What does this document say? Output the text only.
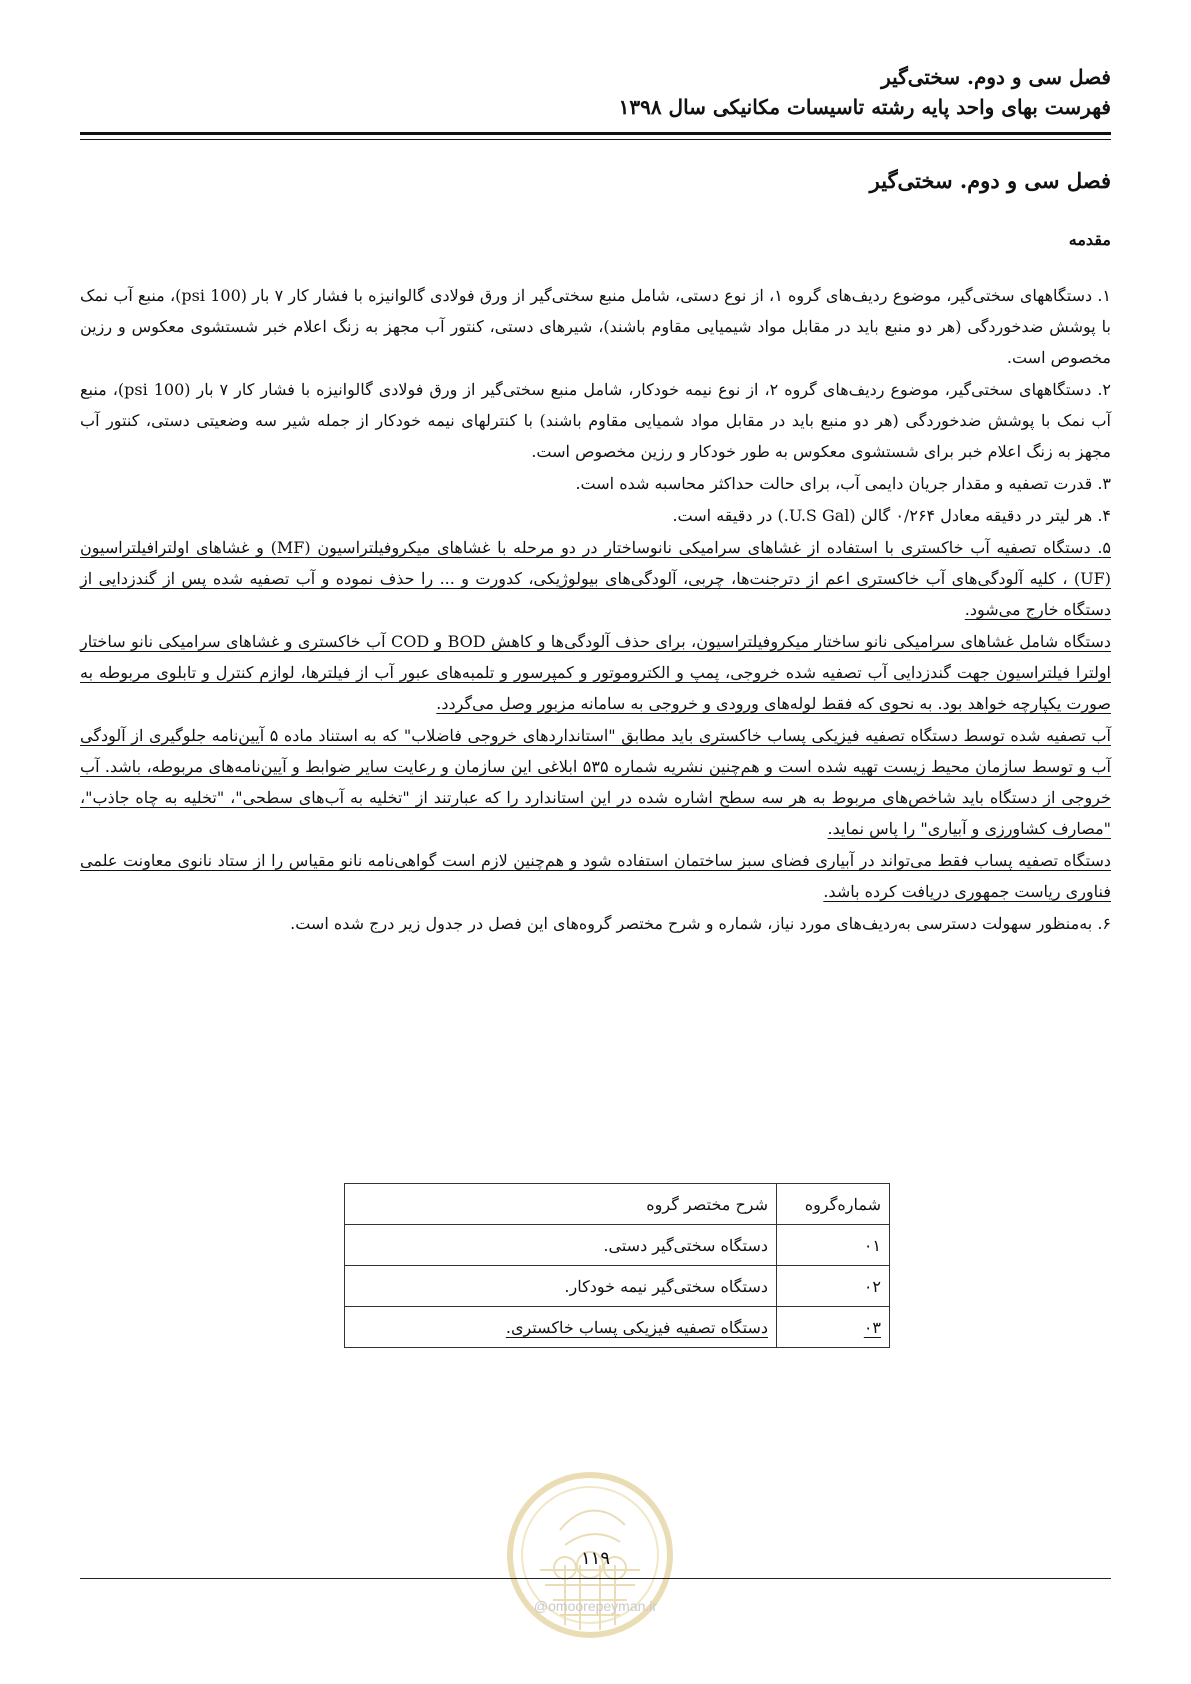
فصل سی و دوم. سختی‌گیر
فهرست بهای واحد پایه رشته تاسیسات مکانیکی سال ۱۳۹۸
فصل سی و دوم. سختی‌گیر
مقدمه

۱. دستگاههای سختی‌گیر، موضوع ردیف‌های گروه ۱، از نوع دستی، شامل منبع سختی‌گیر از ورق فولادی گالوانیزه با فشار کار ۷ بار (100 psi)، منبع آب نمک با پوشش ضدخوردگی (هر دو منبع باید در مقابل مواد شیمیایی مقاوم باشند)، شیرهای دستی، کنتور آب مجهز به زنگ اعلام خبر شستشوی معکوس و رزین مخصوص است.

۲. دستگاههای سختی‌گیر، موضوع ردیف‌های گروه ۲، از نوع نیمه خودکار، شامل منبع سختی‌گیر از ورق فولادی گالوانیزه با فشار کار ۷ بار (100 psi)، منبع آب نمک با پوشش ضدخوردگی (هر دو منبع باید در مقابل مواد شمیایی مقاوم باشند) با کنترلهای نیمه خودکار از جمله شیر سه وضعیتی دستی، کنتور آب مجهز به زنگ اعلام خبر برای شستشوی معکوس به طور خودکار و رزین مخصوص است.

۳. قدرت تصفیه و مقدار جریان دایمی آب، برای حالت حداکثر محاسبه شده است.

۴. هر لیتر در دقیقه معادل ۰/۲۶۴ گالن (U.S Gal.) در دقیقه است.

۵. دستگاه تصفیه آب خاکستری با استفاده از غشاهای سرامیکی نانوساختار در دو مرحله با غشاهای میکروفیلتراسیون (MF) و غشاهای اولترافیلتراسیون (UF) ، کلیه آلودگی‌های آب خاکستری اعم از دترجنت‌ها، چربی، آلودگی‌های بیولوژیکی، کدورت و ... را حذف نموده و آب تصفیه شده پس از گندزدایی از دستگاه خارج می‌شود.

دستگاه شامل غشاهای سرامیکی نانو ساختار میکروفیلتراسیون، برای حذف آلودگی‌ها و کاهش BOD و COD آب خاکستری و غشاهای سرامیکی نانو ساختار اولترا فیلتراسیون جهت گندزدایی آب تصفیه شده خروجی، پمپ و الکتروموتور و کمپرسور و تلمبه‌های عبور آب از فیلترها، لوازم کنترل و تابلوی مربوطه به صورت یکپارچه خواهد بود. به نحوی که فقط لوله‌های ورودی و خروجی به سامانه مزبور وصل می‌گردد.

آب تصفیه شده توسط دستگاه تصفیه فیزیکی پساب خاکستری باید مطابق "استانداردهای خروجی فاضلاب" که به استناد ماده ۵ آیین‌نامه جلوگیری از آلودگی آب و توسط سازمان محیط زیست تهیه شده است و هم‌چنین نشریه شماره ۵۳۵ ابلاغی این سازمان و رعایت سایر ضوابط و آیین‌نامه‌های مربوطه، باشد. آب خروجی از دستگاه باید شاخص‌های مربوط به هر سه سطح اشاره شده در این استاندارد را که عبارتند از "تخلیه به آب‌های سطحی"، "تخلیه به چاه جاذب"، "مصارف کشاورزی و آبیاری" را پاس نماید.

دستگاه تصفیه پساب فقط می‌تواند در آبیاری فضای سبز ساختمان استفاده شود و هم‌چنین لازم است گواهی‌نامه نانو مقیاس را از ستاد نانوی معاونت علمی فناوری ریاست جمهوری دریافت کرده باشد.

۶. به‌منظور سهولت دسترسی به‌ردیف‌های مورد نیاز، شماره و شرح مختصر گروه‌های این فصل در جدول زیر درج شده است.

شماره‌گروه	شرح مختصر گروه
۰۱	دستگاه سختی‌گیر دستی.
۰۲	دستگاه سختی‌گیر نیمه خودکار.
۰۳	دستگاه تصفیه فیزیکی پساب خاکستری.
۱۱۹
@omoorepeyman.ir
